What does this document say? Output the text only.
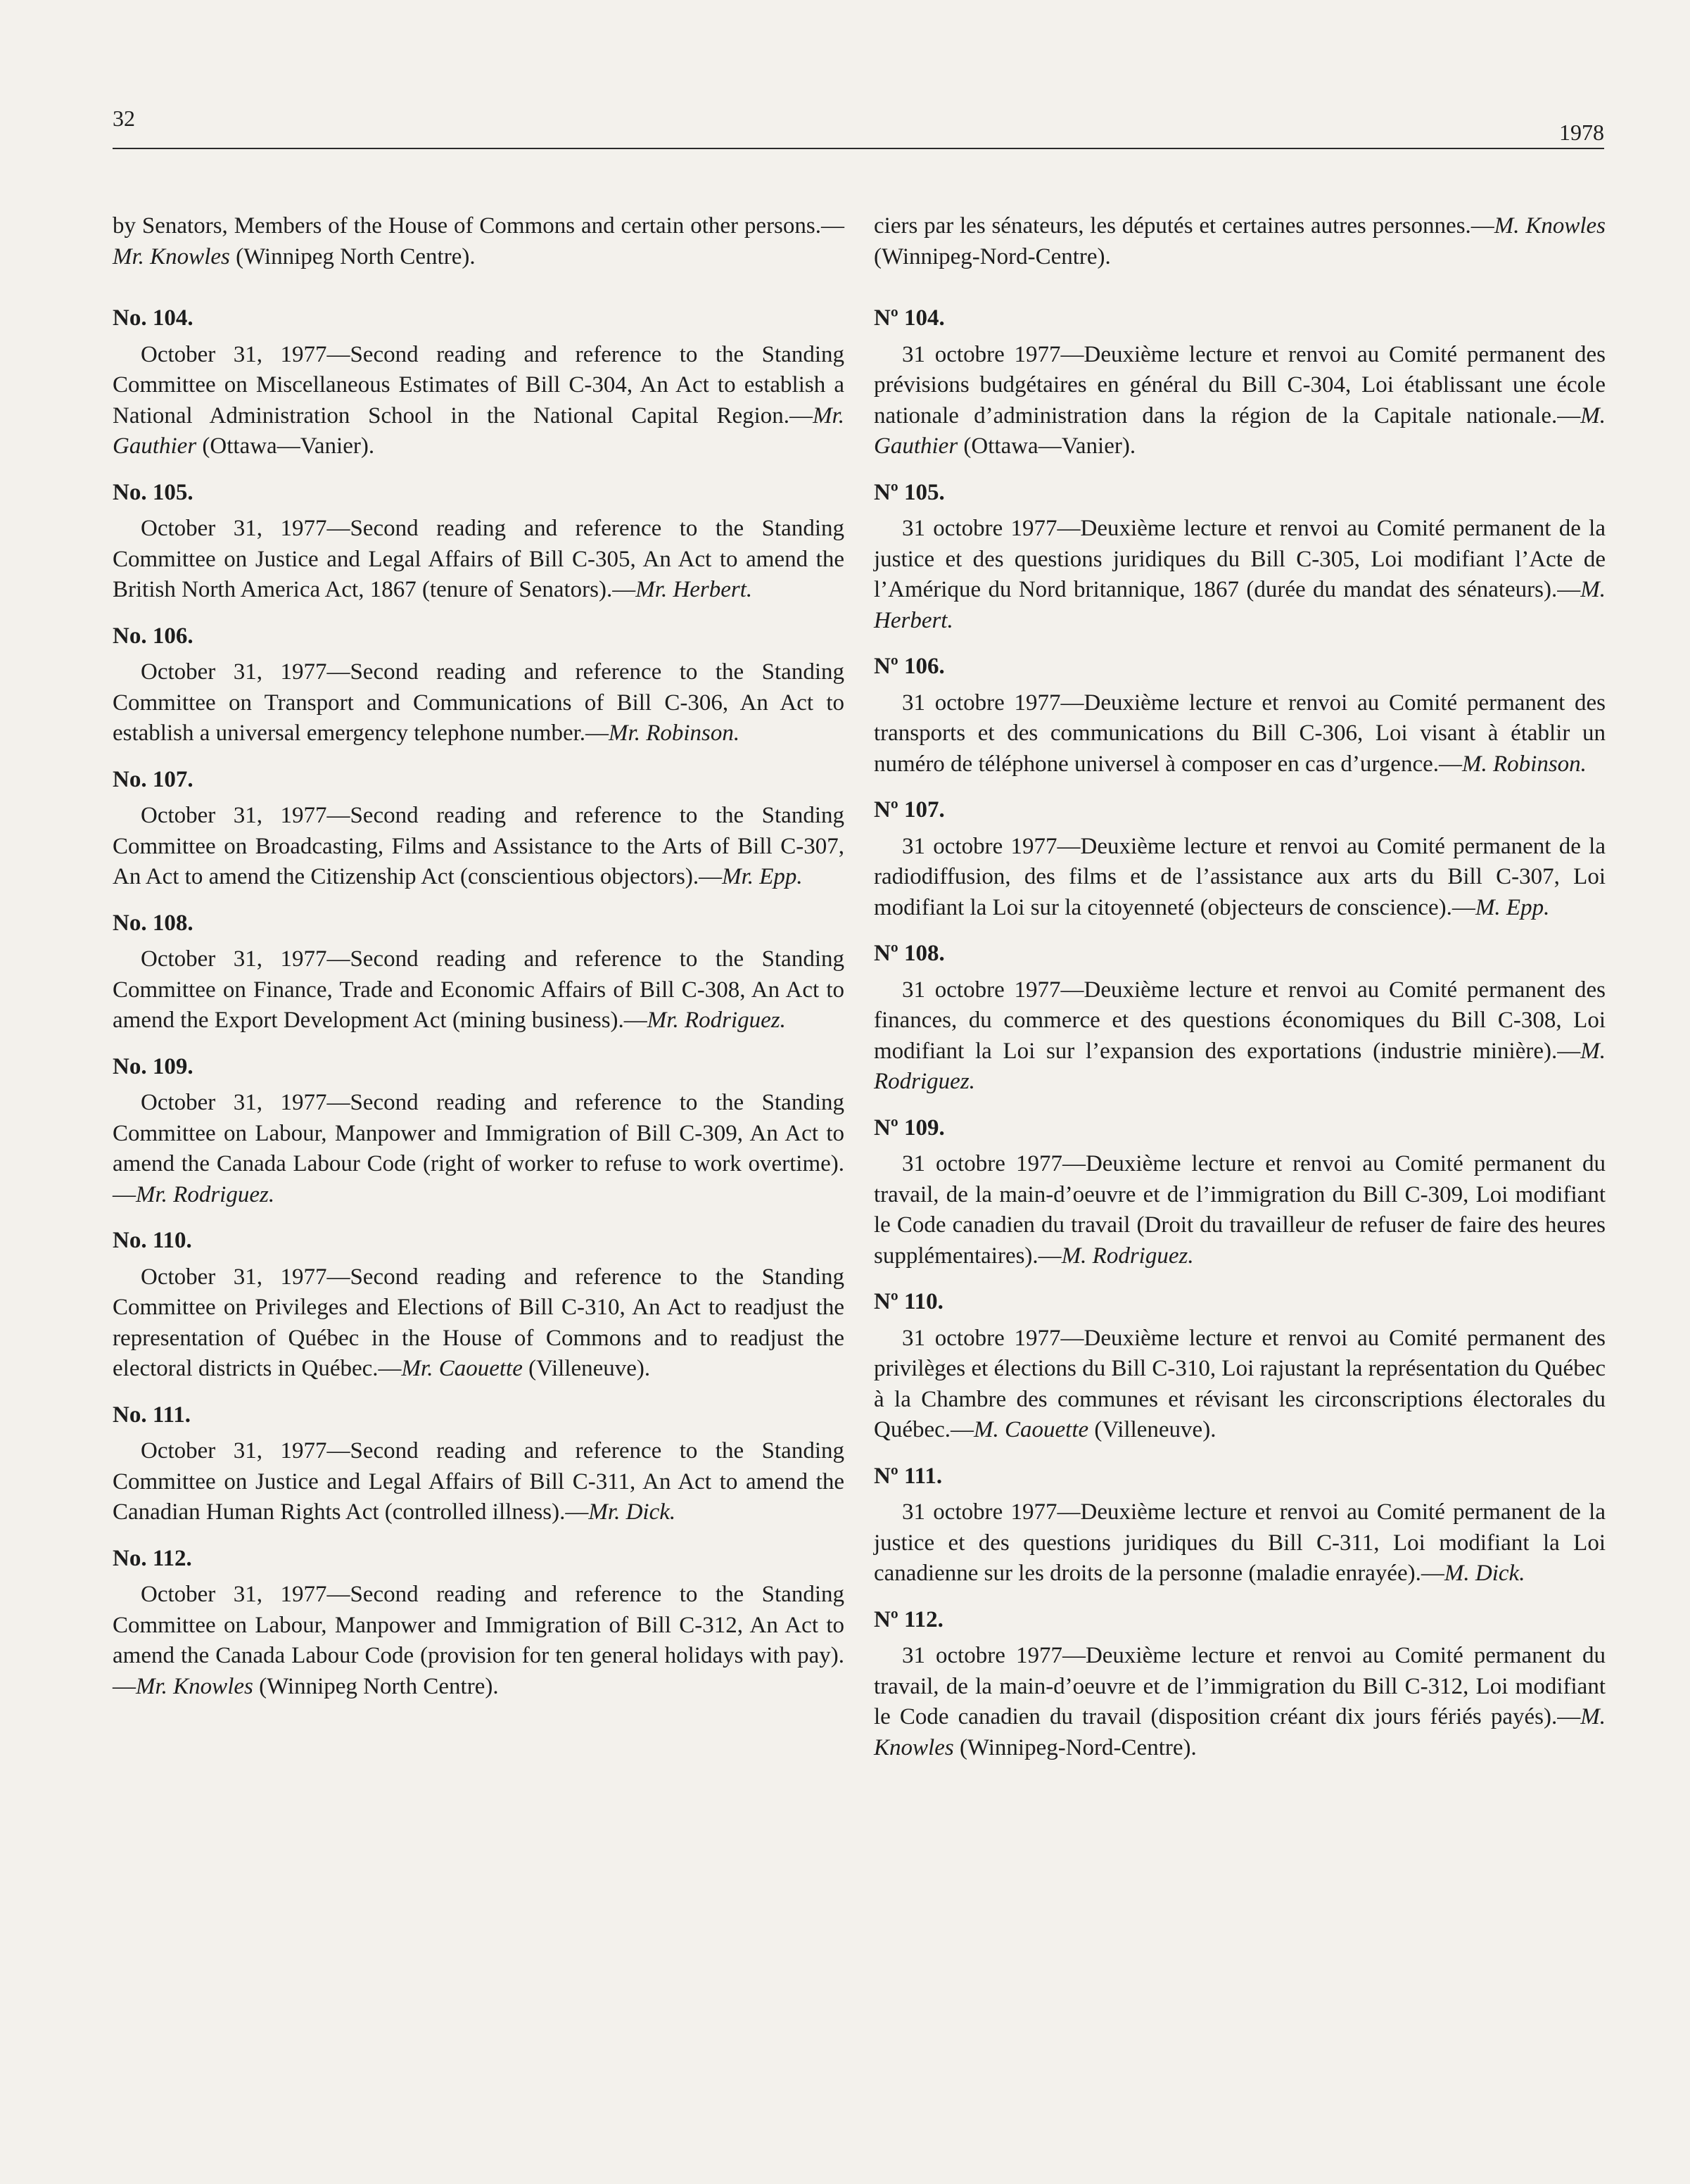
32
1978

by Senators, Members of the House of Commons and certain other persons.—Mr. Knowles (Winnipeg North Centre).

No. 104.

October 31, 1977—Second reading and reference to the Standing Committee on Miscellaneous Estimates of Bill C-304, An Act to establish a National Administration School in the National Capital Region.—Mr. Gauthier (Ottawa—Vanier).

No. 105.

October 31, 1977—Second reading and reference to the Standing Committee on Justice and Legal Affairs of Bill C-305, An Act to amend the British North America Act, 1867 (tenure of Senators).—Mr. Herbert.

No. 106.

October 31, 1977—Second reading and reference to the Standing Committee on Transport and Communications of Bill C-306, An Act to establish a universal emergency telephone number.—Mr. Robinson.

No. 107.

October 31, 1977—Second reading and reference to the Standing Committee on Broadcasting, Films and Assistance to the Arts of Bill C-307, An Act to amend the Citizenship Act (conscientious objectors).—Mr. Epp.

No. 108.

October 31, 1977—Second reading and reference to the Standing Committee on Finance, Trade and Economic Affairs of Bill C-308, An Act to amend the Export Development Act (mining business).—Mr. Rodriguez.

No. 109.

October 31, 1977—Second reading and reference to the Standing Committee on Labour, Manpower and Immigration of Bill C-309, An Act to amend the Canada Labour Code (right of worker to refuse to work overtime).—Mr. Rodriguez.

No. 110.

October 31, 1977—Second reading and reference to the Standing Committee on Privileges and Elections of Bill C-310, An Act to readjust the representation of Québec in the House of Commons and to readjust the electoral districts in Québec.—Mr. Caouette (Villeneuve).

No. 111.

October 31, 1977—Second reading and reference to the Standing Committee on Justice and Legal Affairs of Bill C-311, An Act to amend the Canadian Human Rights Act (controlled illness).—Mr. Dick.

No. 112.

October 31, 1977—Second reading and reference to the Standing Committee on Labour, Manpower and Immigration of Bill C-312, An Act to amend the Canada Labour Code (provision for ten general holidays with pay).—Mr. Knowles (Winnipeg North Centre).

ciers par les sénateurs, les députés et certaines autres personnes.—M. Knowles (Winnipeg-Nord-Centre).

Nº 104.

31 octobre 1977—Deuxième lecture et renvoi au Comité permanent des prévisions budgétaires en général du Bill C-304, Loi établissant une école nationale d’administration dans la région de la Capitale nationale.—M. Gauthier (Ottawa—Vanier).

Nº 105.

31 octobre 1977—Deuxième lecture et renvoi au Comité permanent de la justice et des questions juridiques du Bill C-305, Loi modifiant l’Acte de l’Amérique du Nord britannique, 1867 (durée du mandat des sénateurs).—M. Herbert.

Nº 106.

31 octobre 1977—Deuxième lecture et renvoi au Comité permanent des transports et des communications du Bill C-306, Loi visant à établir un numéro de téléphone universel à composer en cas d’urgence.—M. Robinson.

Nº 107.

31 octobre 1977—Deuxième lecture et renvoi au Comité permanent de la radiodiffusion, des films et de l’assistance aux arts du Bill C-307, Loi modifiant la Loi sur la citoyenneté (objecteurs de conscience).—M. Epp.

Nº 108.

31 octobre 1977—Deuxième lecture et renvoi au Comité permanent des finances, du commerce et des questions économiques du Bill C-308, Loi modifiant la Loi sur l’expansion des exportations (industrie minière).—M. Rodriguez.

Nº 109.

31 octobre 1977—Deuxième lecture et renvoi au Comité permanent du travail, de la main-d’oeuvre et de l’immigration du Bill C-309, Loi modifiant le Code canadien du travail (Droit du travailleur de refuser de faire des heures supplémentaires).—M. Rodriguez.

Nº 110.

31 octobre 1977—Deuxième lecture et renvoi au Comité permanent des privilèges et élections du Bill C-310, Loi rajustant la représentation du Québec à la Chambre des communes et révisant les circonscriptions électorales du Québec.—M. Caouette (Villeneuve).

Nº 111.

31 octobre 1977—Deuxième lecture et renvoi au Comité permanent de la justice et des questions juridiques du Bill C-311, Loi modifiant la Loi canadienne sur les droits de la personne (maladie enrayée).—M. Dick.

Nº 112.

31 octobre 1977—Deuxième lecture et renvoi au Comité permanent du travail, de la main-d’oeuvre et de l’immigration du Bill C-312, Loi modifiant le Code canadien du travail (disposition créant dix jours fériés payés).—M. Knowles (Winnipeg-Nord-Centre).
